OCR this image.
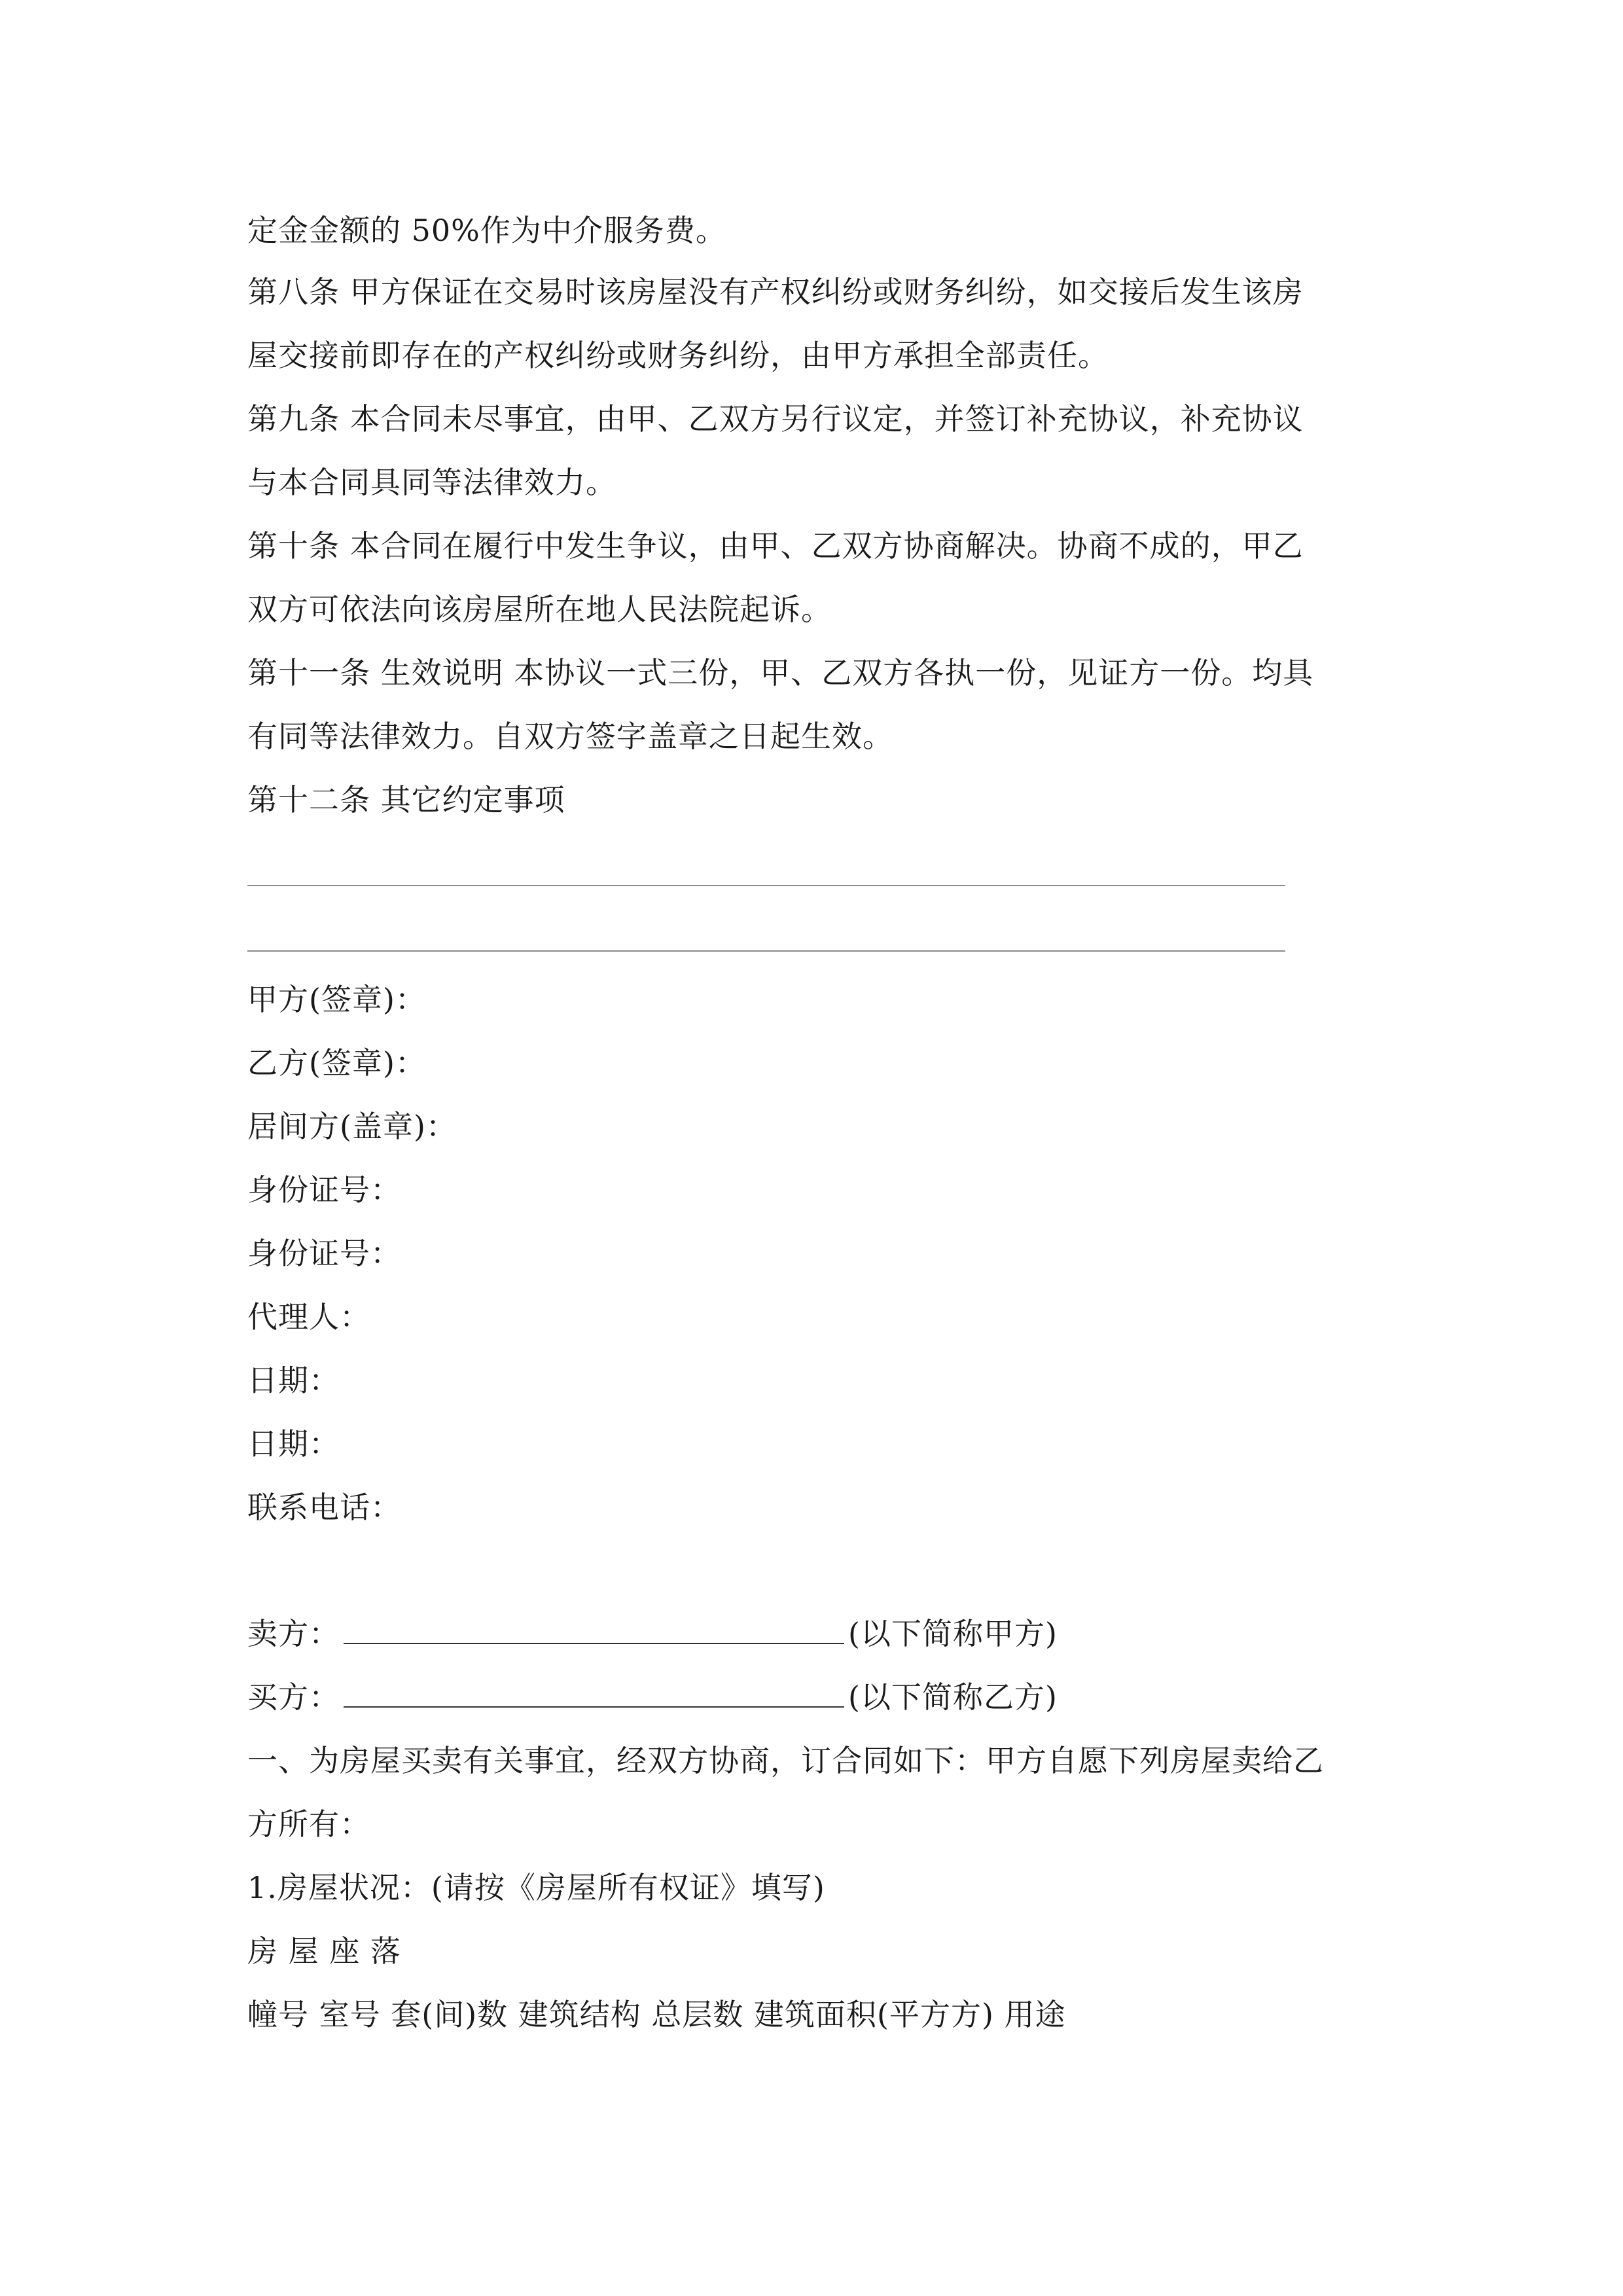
定金金额的 50%作为中介服务费。
第八条 甲方保证在交易时该房屋没有产权纠纷或财务纠纷，如交接后发生该房
屋交接前即存在的产权纠纷或财务纠纷，由甲方承担全部责任。
第九条 本合同未尽事宜，由甲、乙双方另行议定，并签订补充协议，补充协议
与本合同具同等法律效力。
第十条 本合同在履行中发生争议，由甲、乙双方协商解决。协商不成的，甲乙
双方可依法向该房屋所在地人民法院起诉。
第十一条 生效说明 本协议一式三份，甲、乙双方各执一份，见证方一份。均具
有同等法律效力。自双方签字盖章之日起生效。
第十二条 其它约定事项
甲方(签章)：
乙方(签章)：
居间方(盖章)：
身份证号：
身份证号：
代理人：
日期：
日期：
联系电话：
卖方：	(以下简称甲方)
买方：	(以下简称乙方)
一、为房屋买卖有关事宜，经双方协商，订合同如下：甲方自愿下列房屋卖给乙
方所有：
1.房屋状况：(请按《房屋所有权证》填写)
房 屋 座 落
幢号 室号 套(间)数 建筑结构 总层数 建筑面积(平方方) 用途
